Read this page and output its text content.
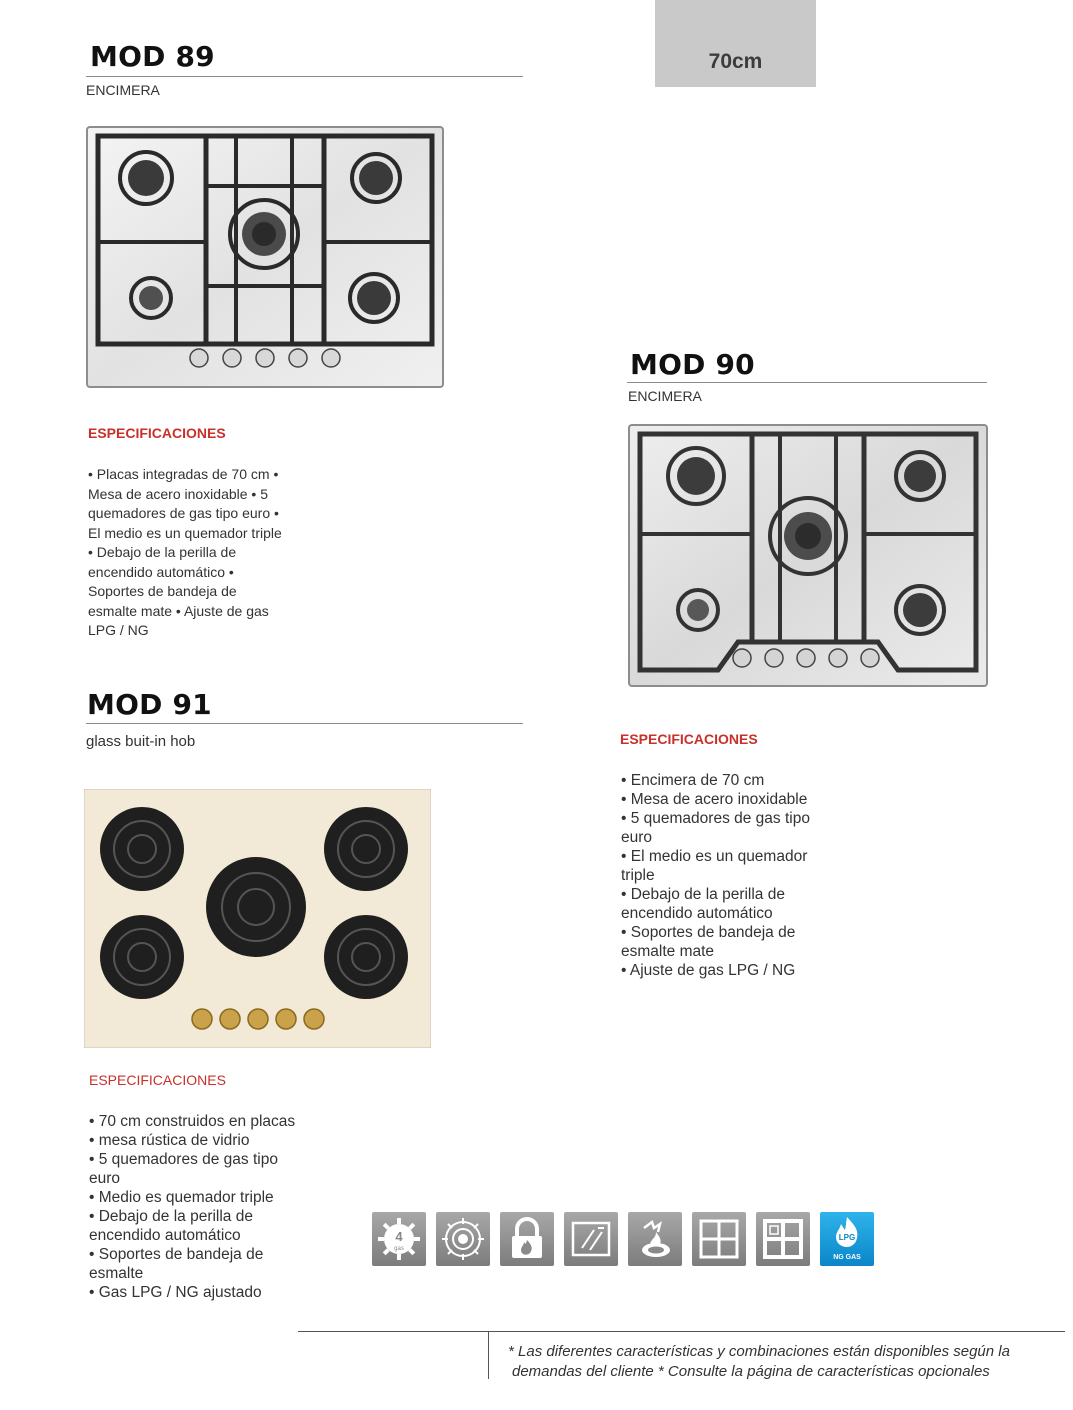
70cm
MOD 89
ENCIMERA
ESPECIFICACIONES
• Placas integradas de 70 cm •
Mesa de acero inoxidable • 5
quemadores de gas tipo euro •
El medio es un quemador triple
• Debajo de la perilla de
encendido automático •
Soportes de bandeja de
esmalte mate • Ajuste de gas
LPG / NG
MOD 90
ENCIMERA
ESPECIFICACIONES
• Encimera de 70 cm
• Mesa de acero inoxidable
• 5 quemadores de gas tipo
euro
• El medio es un quemador
triple
• Debajo de la perilla de
encendido automático
• Soportes de bandeja de
esmalte mate
• Ajuste de gas LPG / NG
MOD 91
glass buit-in hob
ESPECIFICACIONES
• 70 cm construidos en placas
• mesa rústica de vidrio
• 5 quemadores de gas tipo
euro
• Medio es quemador triple
• Debajo de la perilla de
encendido automático
• Soportes de bandeja de
esmalte
• Gas LPG / NG ajustado
4
gas
LPG
NG GAS
* Las diferentes características y combinaciones están disponibles según la
demandas del cliente * Consulte la página de características opcionales
